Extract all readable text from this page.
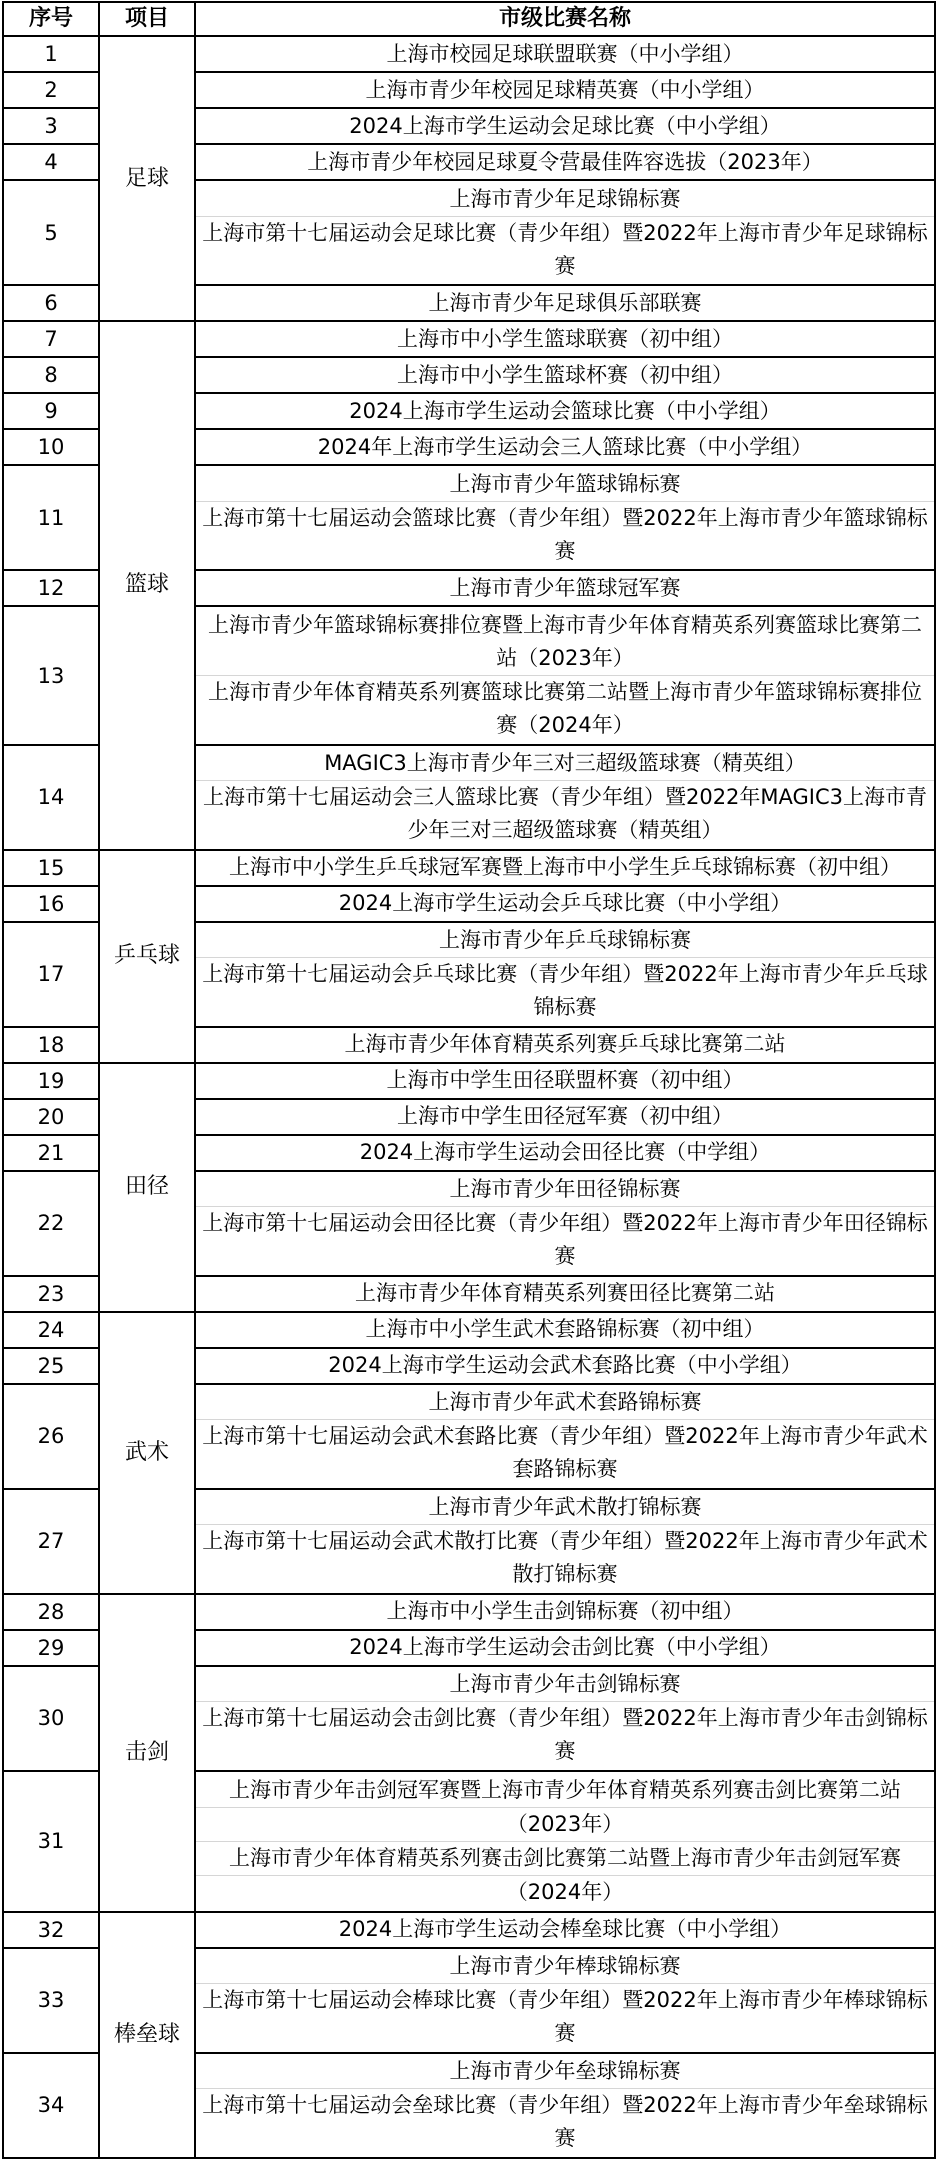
序号	项目	市级比赛名称
1	足球	上海市校园足球联盟联赛（中小学组）

2		上海市青少年校园足球精英赛（中小学组）

3		2024上海市学生运动会足球比赛（中小学组）

4		上海市青少年校园足球夏令营最佳阵容选拔（2023年）

5		上海市青少年足球锦标赛
上海市第十七届运动会足球比赛（青少年组）暨2022年上海市青少年足球锦标赛

6		上海市青少年足球俱乐部联赛

7	篮球	上海市中小学生篮球联赛（初中组）

8		上海市中小学生篮球杯赛（初中组）

9		2024上海市学生运动会篮球比赛（中小学组）

10		2024年上海市学生运动会三人篮球比赛（中小学组）

11		上海市青少年篮球锦标赛
上海市第十七届运动会篮球比赛（青少年组）暨2022年上海市青少年篮球锦标赛

12		上海市青少年篮球冠军赛

13		上海市青少年篮球锦标赛排位赛暨上海市青少年体育精英系列赛篮球比赛第二站（2023年）
上海市青少年体育精英系列赛篮球比赛第二站暨上海市青少年篮球锦标赛排位赛（2024年）

14		MAGIC3上海市青少年三对三超级篮球赛（精英组）
上海市第十七届运动会三人篮球比赛（青少年组）暨2022年MAGIC3上海市青少年三对三超级篮球赛（精英组）

15	乒乓球	上海市中小学生乒乓球冠军赛暨上海市中小学生乒乓球锦标赛（初中组）

16		2024上海市学生运动会乒乓球比赛（中小学组）

17		上海市青少年乒乓球锦标赛
上海市第十七届运动会乒乓球比赛（青少年组）暨2022年上海市青少年乒乓球锦标赛

18		上海市青少年体育精英系列赛乒乓球比赛第二站

19	田径	上海市中学生田径联盟杯赛（初中组）

20		上海市中学生田径冠军赛（初中组）

21		2024上海市学生运动会田径比赛（中学组）

22		上海市青少年田径锦标赛
上海市第十七届运动会田径比赛（青少年组）暨2022年上海市青少年田径锦标赛

23		上海市青少年体育精英系列赛田径比赛第二站

24	武术	上海市中小学生武术套路锦标赛（初中组）

25		2024上海市学生运动会武术套路比赛（中小学组）

26		上海市青少年武术套路锦标赛
上海市第十七届运动会武术套路比赛（青少年组）暨2022年上海市青少年武术套路锦标赛

27		上海市青少年武术散打锦标赛
上海市第十七届运动会武术散打比赛（青少年组）暨2022年上海市青少年武术散打锦标赛

28	击剑	上海市中小学生击剑锦标赛（初中组）

29		2024上海市学生运动会击剑比赛（中小学组）

30		上海市青少年击剑锦标赛
上海市第十七届运动会击剑比赛（青少年组）暨2022年上海市青少年击剑锦标赛

31		上海市青少年击剑冠军赛暨上海市青少年体育精英系列赛击剑比赛第二站
（2023年）
上海市青少年体育精英系列赛击剑比赛第二站暨上海市青少年击剑冠军赛
（2024年）

32	棒垒球	2024上海市学生运动会棒垒球比赛（中小学组）

33		上海市青少年棒球锦标赛
上海市第十七届运动会棒球比赛（青少年组）暨2022年上海市青少年棒球锦标赛

34		上海市青少年垒球锦标赛
上海市第十七届运动会垒球比赛（青少年组）暨2022年上海市青少年垒球锦标赛
